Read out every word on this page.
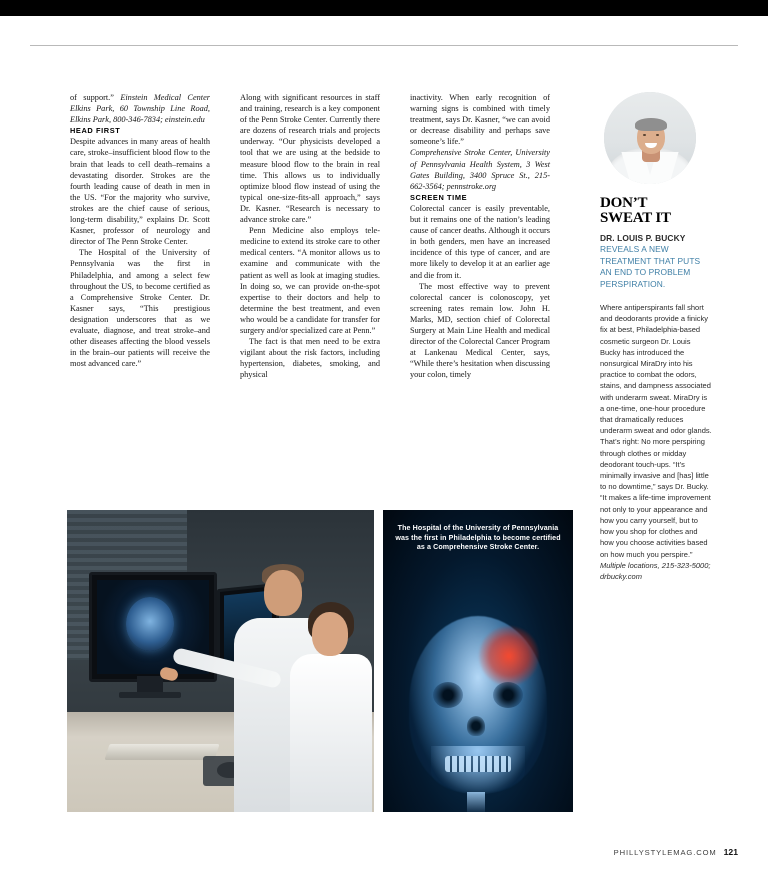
of support.” Einstein Medical Center Elkins Park, 60 Township Line Road, Elkins Park, 800-346-7834; einstein.edu

HEAD FIRST

Despite advances in many areas of health care, stroke–insufficient blood flow to the brain that leads to cell death–remains a devastating disorder. Strokes are the fourth leading cause of death in men in the US. “For the majority who survive, strokes are the chief cause of serious, long-term disability,” explains Dr. Scott Kasner, professor of neurology and director of The Penn Stroke Center.

The Hospital of the University of Pennsylvania was the first in Philadelphia, and among a select few throughout the US, to become certified as a Comprehensive Stroke Center. Dr. Kasner says, “This prestigious designation underscores that as we evaluate, diagnose, and treat stroke–and other diseases affecting the blood vessels in the brain–our patients will receive the most advanced care.”

Along with significant resources in staff and training, research is a key component of the Penn Stroke Center. Currently there are dozens of research trials and projects underway. “Our physicists developed a tool that we are using at the bedside to measure blood flow to the brain in real time. This allows us to individually optimize blood flow instead of using the typical one-size-fits-all approach,” says Dr. Kasner. “Research is necessary to advance stroke care.”

Penn Medicine also employs tele-medicine to extend its stroke care to other medical centers. “A monitor allows us to examine and communicate with the patient as well as look at imaging studies. In doing so, we can provide on-the-spot expertise to their doctors and help to determine the best treatment, and even who would be a candidate for transfer for surgery and/or specialized care at Penn.”

The fact is that men need to be extra vigilant about the risk factors, including hypertension, diabetes, smoking, and physical

inactivity. When early recognition of warning signs is combined with timely treatment, says Dr. Kasner, “we can avoid or decrease disability and perhaps save someone’s life.”

Comprehensive Stroke Center, University of Pennsylvania Health System, 3 West Gates Building, 3400 Spruce St., 215-662-3564; pennstroke.org

SCREEN TIME

Colorectal cancer is easily preventable, but it remains one of the nation’s leading cause of cancer deaths. Although it occurs in both genders, men have an increased incidence of this type of cancer, and are more likely to develop it at an earlier age and die from it.

The most effective way to prevent colorectal cancer is colonoscopy, yet screening rates remain low. John H. Marks, MD, section chief of Colorectal Surgery at Main Line Health and medical director of the Colorectal Cancer Program at Lankenau Medical Center, says, “While there’s hesitation when discussing your colon, timely

DON’T
SWEAT IT
DR. LOUIS P. BUCKY
REVEALS A NEW TREATMENT THAT PUTS AN END TO PROBLEM PERSPIRATION.

Where antiperspirants fall short and deodorants provide a finicky fix at best, Philadelphia-based cosmetic surgeon Dr. Louis Bucky has introduced the nonsurgical MiraDry into his practice to combat the odors, stains, and dampness associated with underarm sweat. MiraDry is a one-time, one-hour procedure that dramatically reduces underarm sweat and odor glands. That’s right: No more perspiring through clothes or midday deodorant touch-ups. “It’s minimally invasive and [has] little to no downtime,” says Dr. Bucky. “It makes a life-time improvement not only to your appearance and how you carry yourself, but to how you shop for clothes and how you choose activities based on how much you perspire.” Multiple locations, 215-323-5000; drbucky.com

The Hospital of the University of Pennsylvania was the first in Philadelphia to become certified as a Comprehensive Stroke Center.
PHILLYSTYLEMAG.COM 121
